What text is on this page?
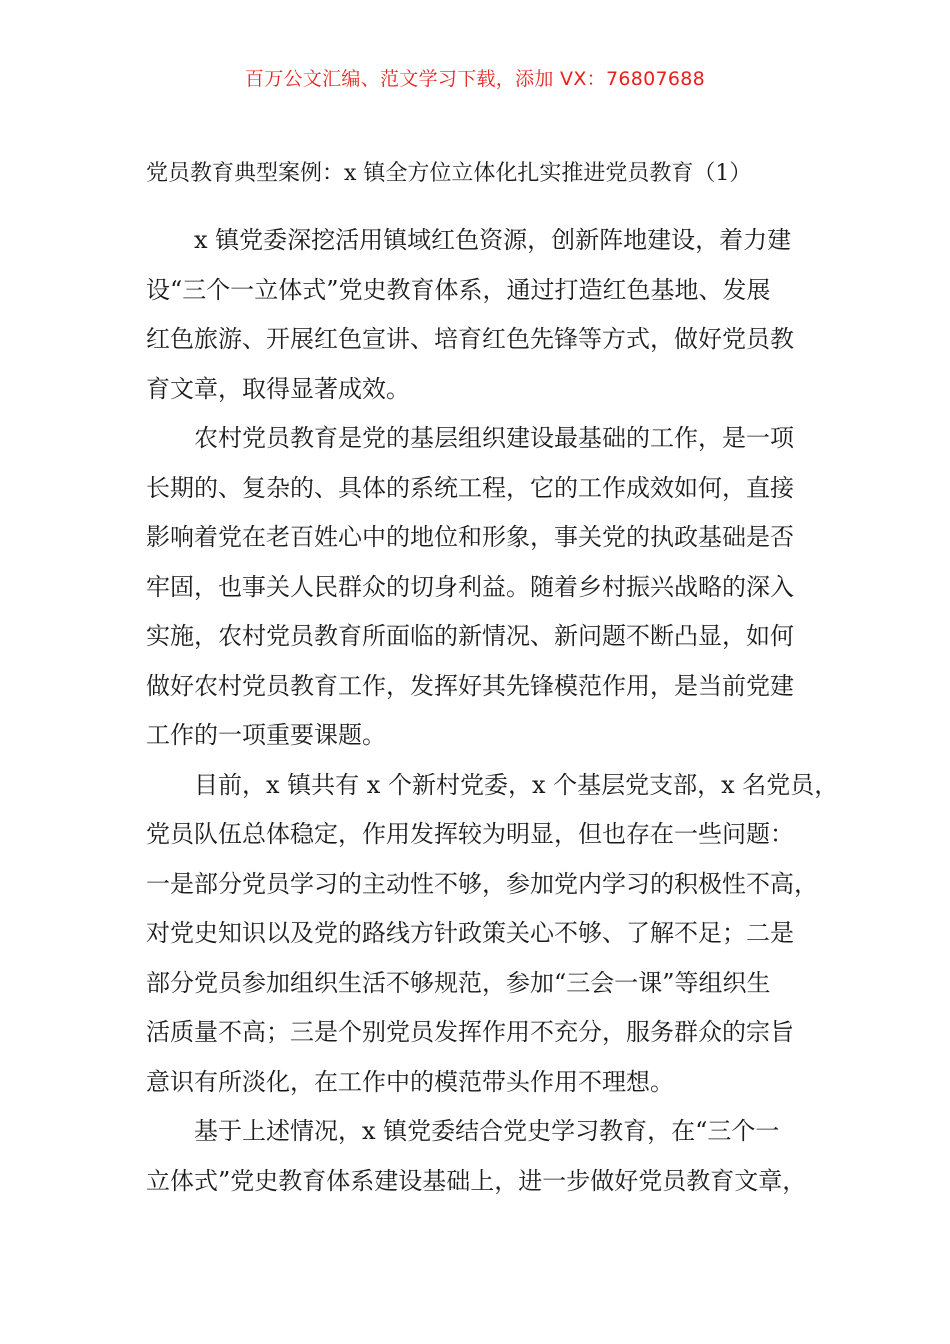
百万公文汇编、范文学习下载，添加 VX：76807688
党员教育典型案例：x 镇全方位立体化扎实推进党员教育（1）

x 镇党委深挖活用镇域红色资源，创新阵地建设，着力建
设“三个一立体式”党史教育体系，通过打造红色基地、发展
红色旅游、开展红色宣讲、培育红色先锋等方式，做好党员教
育文章，取得显著成效。

农村党员教育是党的基层组织建设最基础的工作，是一项
长期的、复杂的、具体的系统工程，它的工作成效如何，直接
影响着党在老百姓心中的地位和形象，事关党的执政基础是否
牢固，也事关人民群众的切身利益。随着乡村振兴战略的深入
实施，农村党员教育所面临的新情况、新问题不断凸显，如何
做好农村党员教育工作，发挥好其先锋模范作用，是当前党建
工作的一项重要课题。

目前，x 镇共有 x 个新村党委，x 个基层党支部，x 名党员，
党员队伍总体稳定，作用发挥较为明显，但也存在一些问题：
一是部分党员学习的主动性不够，参加党内学习的积极性不高，
对党史知识以及党的路线方针政策关心不够、了解不足；二是
部分党员参加组织生活不够规范，参加“三会一课”等组织生
活质量不高；三是个别党员发挥作用不充分，服务群众的宗旨
意识有所淡化，在工作中的模范带头作用不理想。

基于上述情况，x 镇党委结合党史学习教育，在“三个一
立体式”党史教育体系建设基础上，进一步做好党员教育文章，
